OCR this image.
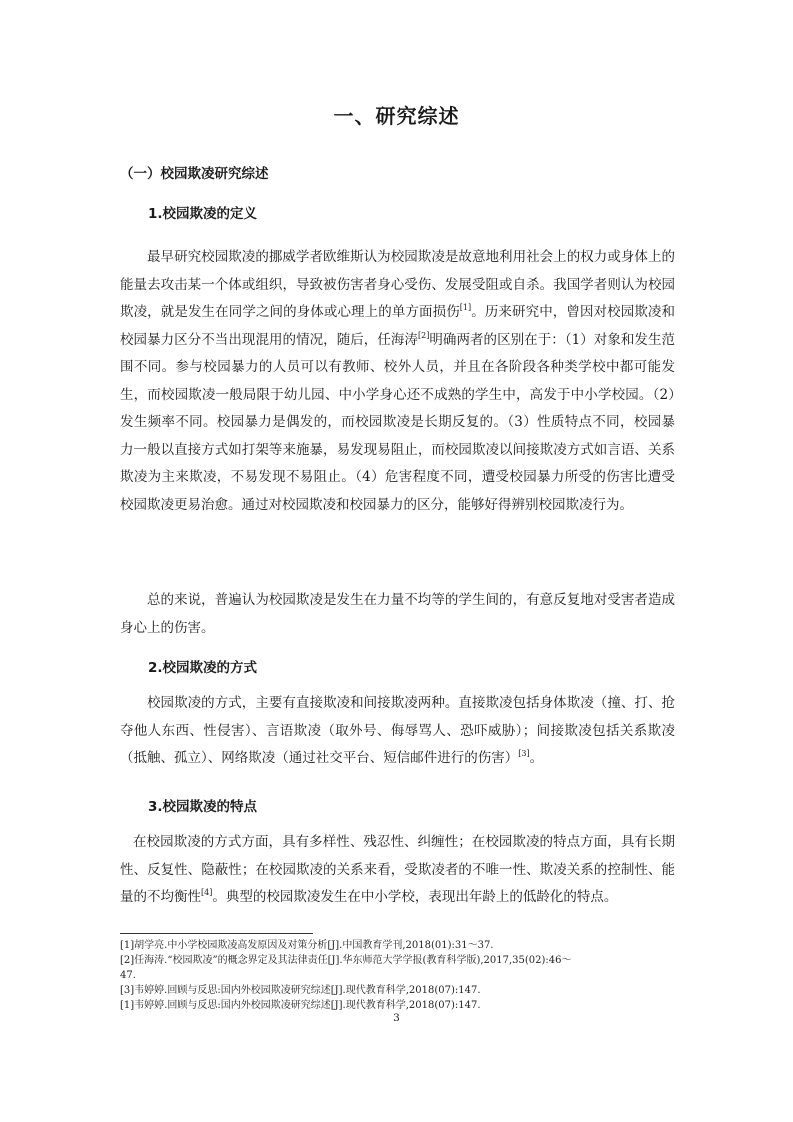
一、研究综述
（一）校园欺凌研究综述
1.校园欺凌的定义

最早研究校园欺凌的挪威学者欧维斯认为校园欺凌是故意地利用社会上的权力或身体上的能量去攻击某一个体或组织，导致被伤害者身心受伤、发展受阻或自杀。我国学者则认为校园欺凌，就是发生在同学之间的身体或心理上的单方面损伤[1]。历来研究中，曾因对校园欺凌和校园暴力区分不当出现混用的情况，随后，任海涛[2]明确两者的区别在于：（1）对象和发生范围不同。参与校园暴力的人员可以有教师、校外人员，并且在各阶段各种类学校中都可能发生，而校园欺凌一般局限于幼儿园、中小学身心还不成熟的学生中，高发于中小学校园。（2）发生频率不同。校园暴力是偶发的，而校园欺凌是长期反复的。（3）性质特点不同，校园暴力一般以直接方式如打架等来施暴，易发现易阻止，而校园欺凌以间接欺凌方式如言语、关系欺凌为主来欺凌，不易发现不易阻止。（4）危害程度不同，遭受校园暴力所受的伤害比遭受校园欺凌更易治愈。通过对校园欺凌和校园暴力的区分，能够好得辨别校园欺凌行为。

总的来说，普遍认为校园欺凌是发生在力量不均等的学生间的，有意反复地对受害者造成身心上的伤害。

2.校园欺凌的方式

校园欺凌的方式，主要有直接欺凌和间接欺凌两种。直接欺凌包括身体欺凌（撞、打、抢夺他人东西、性侵害）、言语欺凌（取外号、侮辱骂人、恐吓威胁）；间接欺凌包括关系欺凌（抵触、孤立）、网络欺凌（通过社交平台、短信邮件进行的伤害）[3]。

3.校园欺凌的特点

在校园欺凌的方式方面，具有多样性、残忍性、纠缠性；在校园欺凌的特点方面，具有长期性、反复性、隐蔽性；在校园欺凌的关系来看，受欺凌者的不唯一性、欺凌关系的控制性、能量的不均衡性[4]。典型的校园欺凌发生在中小学校，表现出年龄上的低龄化的特点。

[1]胡学亮.中小学校园欺凌高发原因及对策分析[J].中国教育学刊,2018(01):31～37.
[2]任海涛.“校园欺凌”的概念界定及其法律责任[J].华东师范大学学报(教育科学版),2017,35(02):46～47.
[3]韦婷婷.回顾与反思:国内外校园欺凌研究综述[J].现代教育科学,2018(07):147.
[1]韦婷婷.回顾与反思:国内外校园欺凌研究综述[J].现代教育科学,2018(07):147.
3
